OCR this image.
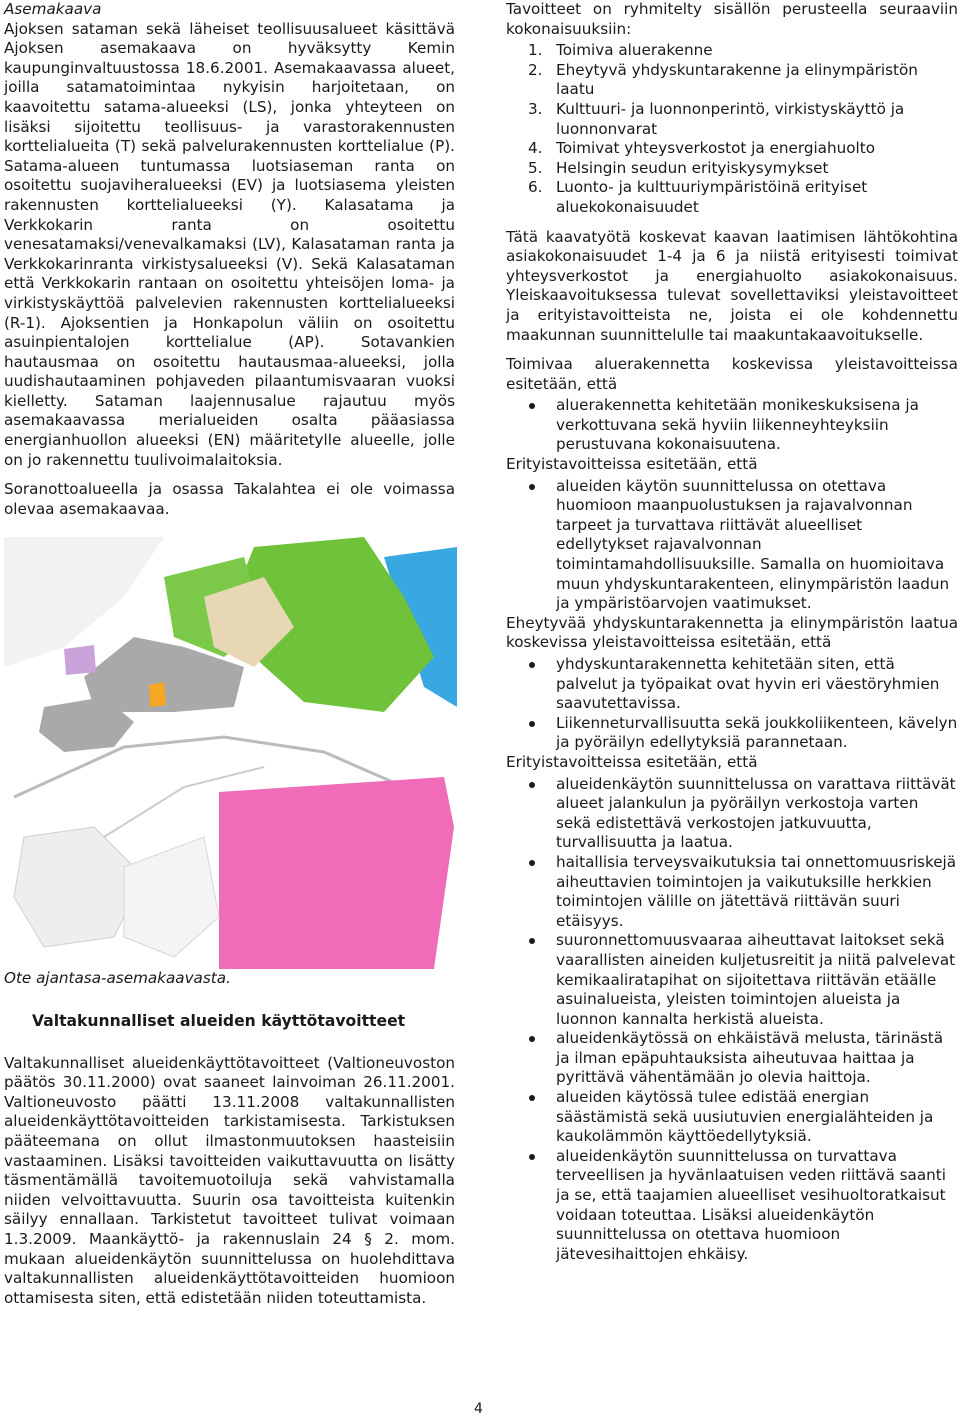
Asemakaava

Ajoksen sataman sekä läheiset teollisuusalueet käsittävä Ajoksen asemakaava on hyväksytty Kemin kaupunginvaltuustossa 18.6.2001. Asemakaavassa alueet, joilla satamatoimintaa nykyisin harjoitetaan, on kaavoitettu satama-alueeksi (LS), jonka yhteyteen on lisäksi sijoitettu teollisuus- ja varastorakennusten korttelialueita (T) sekä palvelurakennusten korttelialue (P). Satama-alueen tuntumassa luotsiaseman ranta on osoitettu suojaviheralueeksi (EV) ja luotsiasema yleisten rakennusten korttelialueeksi (Y). Kalasatama ja Verkkokarin ranta on osoitettu venesatamaksi/venevalkamaksi (LV), Kalasataman ranta ja Verkkokarinranta virkistysalueeksi (V). Sekä Kalasataman että Verkkokarin rantaan on osoitettu yhteisöjen loma- ja virkistyskäyttöä palvelevien rakennusten korttelialueeksi (R-1). Ajoksentien ja Honkapolun väliin on osoitettu asuinpientalojen korttelialue (AP). Sotavankien hautausmaa on osoitettu hautausmaa-alueeksi, jolla uudishautaaminen pohjaveden pilaantumisvaaran vuoksi kielletty. Sataman laajennusalue rajautuu myös asemakaavassa merialueiden osalta pääasiassa energianhuollon alueeksi (EN) määritetylle alueelle, jolle on jo rakennettu tuulivoimalaitoksia.

Soranottoalueella ja osassa Takalahtea ei ole voimassa olevaa asemakaavaa.

Ote ajantasa-asemakaavasta.

Valtakunnalliset alueiden käyttötavoitteet

Valtakunnalliset alueidenkäyttötavoitteet (Valtioneuvoston päätös 30.11.2000) ovat saaneet lainvoiman 26.11.2001. Valtioneuvosto päätti 13.11.2008 valtakunnallisten alueidenkäyttötavoitteiden tarkistamisesta. Tarkistuksen pääteemana on ollut ilmastonmuutoksen haasteisiin vastaaminen. Lisäksi tavoitteiden vaikuttavuutta on lisätty täsmentämällä tavoitemuotoiluja sekä vahvistamalla niiden velvoittavuutta. Suurin osa tavoitteista kuitenkin säilyy ennallaan. Tarkistetut tavoitteet tulivat voimaan 1.3.2009. Maankäyttö- ja rakennuslain 24 § 2. mom. mukaan alueidenkäytön suunnittelussa on huolehdittava valtakunnallisten alueidenkäyttötavoitteiden huomioon ottamisesta siten, että edistetään niiden toteuttamista.

Tavoitteet on ryhmitelty sisällön perusteella seuraaviin kokonaisuuksiin:

1. Toimiva aluerakenne
2. Eheytyvä yhdyskuntarakenne ja elinympäristön laatu
3. Kulttuuri- ja luonnonperintö, virkistyskäyttö ja luonnonvarat
4. Toimivat yhteysverkostot ja energiahuolto
5. Helsingin seudun erityiskysymykset
6. Luonto- ja kulttuuriympäristöinä erityiset aluekokonaisuudet

Tätä kaavatyötä koskevat kaavan laatimisen lähtökohtina asiakokonaisuudet 1-4 ja 6 ja niistä erityisesti toimivat yhteysverkostot ja energiahuolto asiakokonaisuus. Yleiskaavoituksessa tulevat sovellettaviksi yleistavoitteet ja erityistavoitteista ne, joista ei ole kohdennettu maakunnan suunnittelulle tai maakuntakaavoitukselle.

Toimivaa aluerakennetta koskevissa yleistavoitteissa esitetään, että

aluerakennetta kehitetään monikeskuksisena ja verkottuvana sekä hyviin liikenneyhteyksiin perustuvana kokonaisuutena.

Erityistavoitteissa esitetään, että

alueiden käytön suunnittelussa on otettava huomioon maanpuolustuksen ja rajavalvonnan tarpeet ja turvattava riittävät alueelliset edellytykset rajavalvonnan toimintamahdollisuuksille. Samalla on huomioitava muun yhdyskuntarakenteen, elinympäristön laadun ja ympäristöarvojen vaatimukset.

Eheytyvää yhdyskuntarakennetta ja elinympäristön laatua koskevissa yleistavoitteissa esitetään, että

yhdyskuntarakennetta kehitetään siten, että palvelut ja työpaikat ovat hyvin eri väestöryhmien saavutettavissa.
Liikenneturvallisuutta sekä joukkoliikenteen, kävelyn ja pyöräilyn edellytyksiä parannetaan.

Erityistavoitteissa esitetään, että

alueidenkäytön suunnittelussa on varattava riittävät alueet jalankulun ja pyöräilyn verkostoja varten sekä edistettävä verkostojen jatkuvuutta, turvallisuutta ja laatua.
haitallisia terveysvaikutuksia tai onnettomuusriskejä aiheuttavien toimintojen ja vaikutuksille herkkien toimintojen välille on jätettävä riittävän suuri etäisyys.
suuronnettomuusvaaraa aiheuttavat laitokset sekä vaarallisten aineiden kuljetusreitit ja niitä palvelevat kemikaaliratapihat on sijoitettava riittävän etäälle asuinalueista, yleisten toimintojen alueista ja luonnon kannalta herkistä alueista.
alueidenkäytössä on ehkäistävä melusta, tärinästä ja ilman epäpuhtauksista aiheutuvaa haittaa ja pyrittävä vähentämään jo olevia haittoja.
alueiden käytössä tulee edistää energian säästämistä sekä uusiutuvien energialähteiden ja kaukolämmön käyttöedellytyksiä.
alueidenkäytön suunnittelussa on turvattava terveellisen ja hyvänlaatuisen veden riittävä saanti ja se, että taajamien alueelliset vesihuoltoratkaisut voidaan toteuttaa. Lisäksi alueidenkäytön suunnittelussa on otettava huomioon jätevesihaittojen ehkäisy.
4
